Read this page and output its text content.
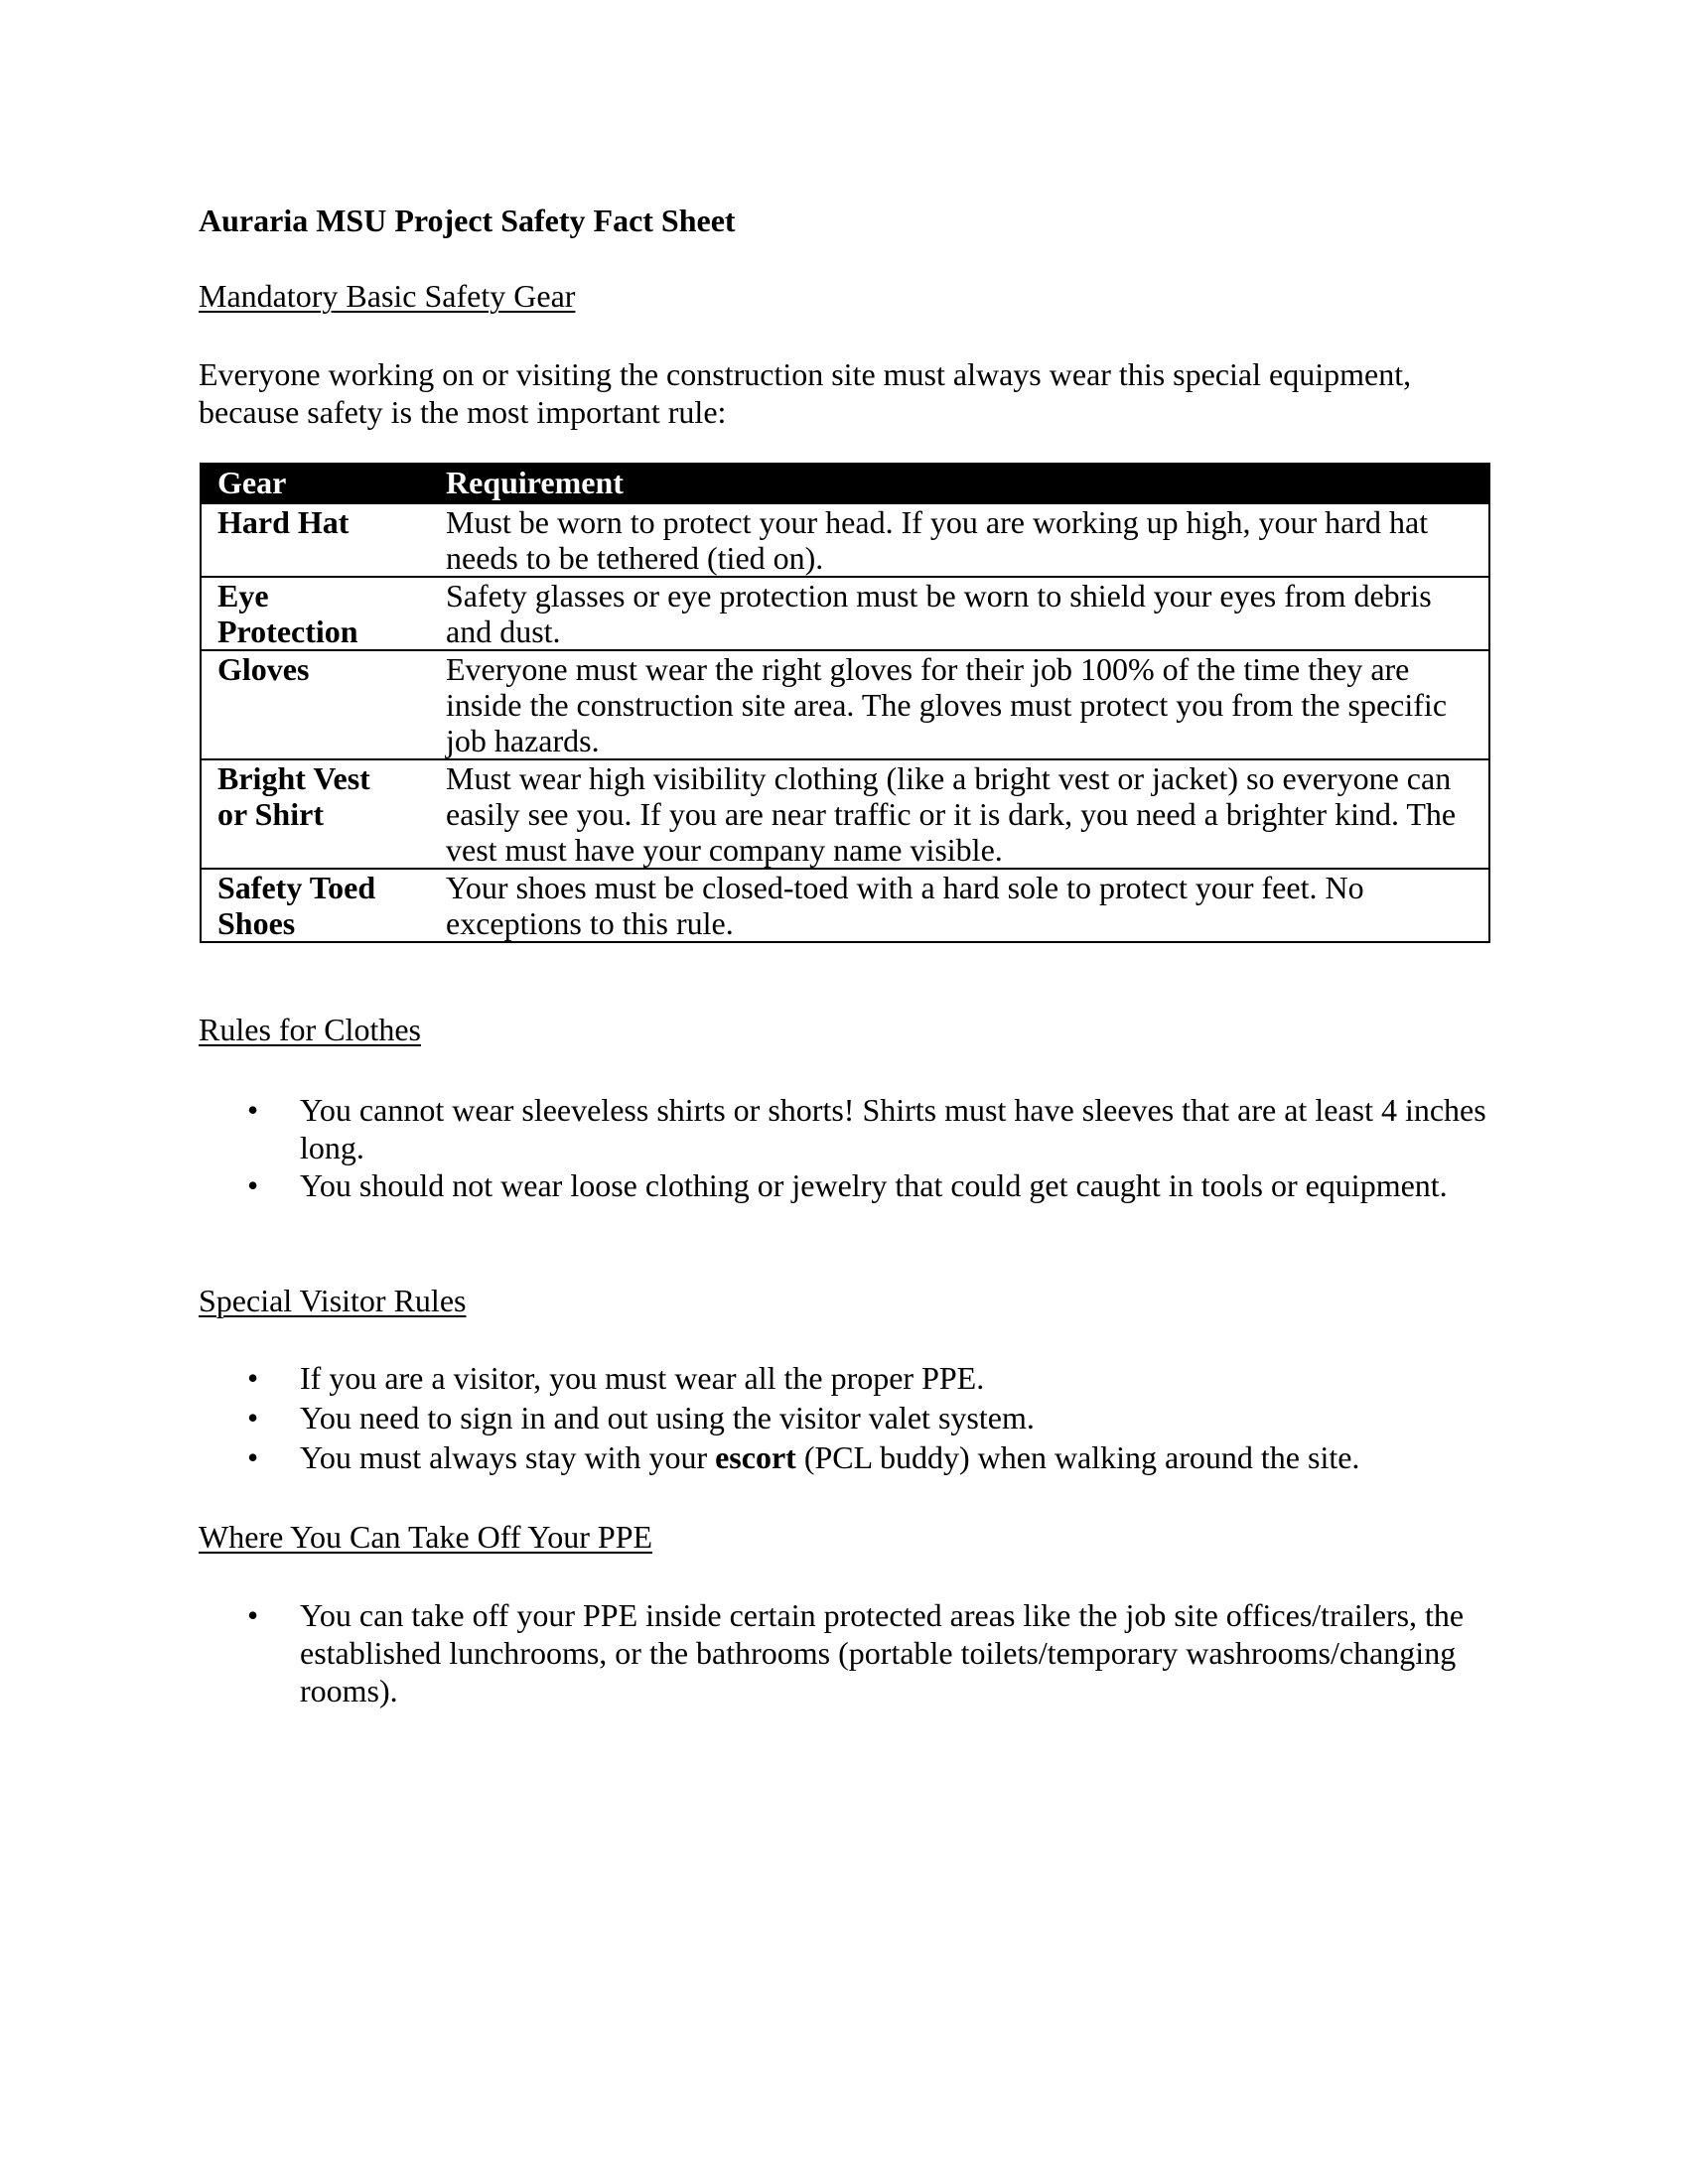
Auraria MSU Project Safety Fact Sheet
Mandatory Basic Safety Gear
Everyone working on or visiting the construction site must always wear this special equipment, because safety is the most important rule:
Gear	Requirement
Hard Hat	Must be worn to protect your head. If you are working up high, your hard hat needs to be tethered (tied on).
Eye Protection	Safety glasses or eye protection must be worn to shield your eyes from debris and dust.
Gloves	Everyone must wear the right gloves for their job 100% of the time they are inside the construction site area. The gloves must protect you from the specific job hazards.
Bright Vest or Shirt	Must wear high visibility clothing (like a bright vest or jacket) so everyone can easily see you. If you are near traffic or it is dark, you need a brighter kind. The vest must have your company name visible.
Safety Toed Shoes	Your shoes must be closed-toed with a hard sole to protect your feet. No exceptions to this rule.
Rules for Clothes
• You cannot wear sleeveless shirts or shorts! Shirts must have sleeves that are at least 4 inches long.
• You should not wear loose clothing or jewelry that could get caught in tools or equipment.
Special Visitor Rules
• If you are a visitor, you must wear all the proper PPE.
• You need to sign in and out using the visitor valet system.
• You must always stay with your escort (PCL buddy) when walking around the site.
Where You Can Take Off Your PPE
• You can take off your PPE inside certain protected areas like the job site offices/trailers, the established lunchrooms, or the bathrooms (portable toilets/temporary washrooms/changing rooms).
